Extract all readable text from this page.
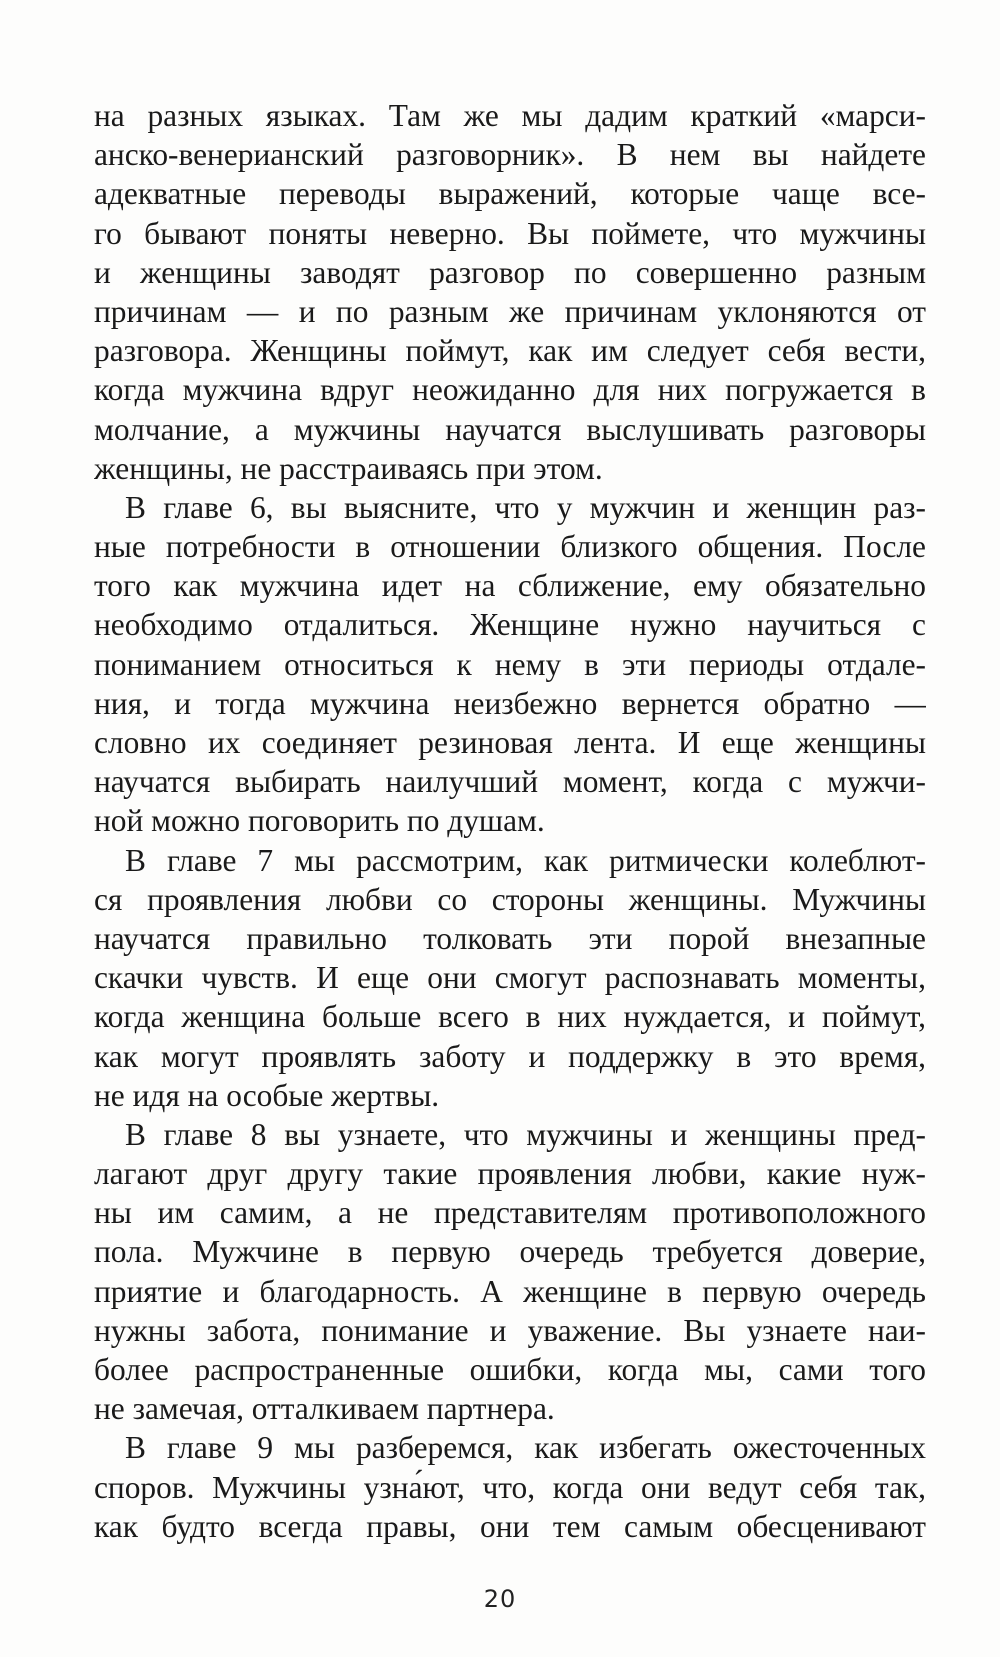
на разных языках. Там же мы дадим краткий «марси-
анско-венерианский разговорник». В нем вы найдете
адекватные переводы выражений, которые чаще все-
го бывают поняты неверно. Вы поймете, что мужчины
и женщины заводят разговор по совершенно разным
причинам — и по разным же причинам уклоняются от
разговора. Женщины поймут, как им следует себя вести,
когда мужчина вдруг неожиданно для них погружается в
молчание, а мужчины научатся выслушивать разговоры
женщины, не расстраиваясь при этом.
В главе 6, вы выясните, что у мужчин и женщин раз-
ные потребности в отношении близкого общения. После
того как мужчина идет на сближение, ему обязательно
необходимо отдалиться. Женщине нужно научиться с
пониманием относиться к нему в эти периоды отдале-
ния, и тогда мужчина неизбежно вернется обратно —
словно их соединяет резиновая лента. И еще женщины
научатся выбирать наилучший момент, когда с мужчи-
ной можно поговорить по душам.
В главе 7 мы рассмотрим, как ритмически колеблют-
ся проявления любви со стороны женщины. Мужчины
научатся правильно толковать эти порой внезапные
скачки чувств. И еще они смогут распознавать моменты,
когда женщина больше всего в них нуждается, и поймут,
как могут проявлять заботу и поддержку в это время,
не идя на особые жертвы.
В главе 8 вы узнаете, что мужчины и женщины пред-
лагают друг другу такие проявления любви, какие нуж-
ны им самим, а не представителям противоположного
пола. Мужчине в первую очередь требуется доверие,
приятие и благодарность. А женщине в первую очередь
нужны забота, понимание и уважение. Вы узнаете наи-
более распространенные ошибки, когда мы, сами того
не замечая, отталкиваем партнера.
В главе 9 мы разберемся, как избегать ожесточенных
споров. Мужчины узна́ют, что, когда они ведут себя так,
как будто всегда правы, они тем самым обесценивают
20
